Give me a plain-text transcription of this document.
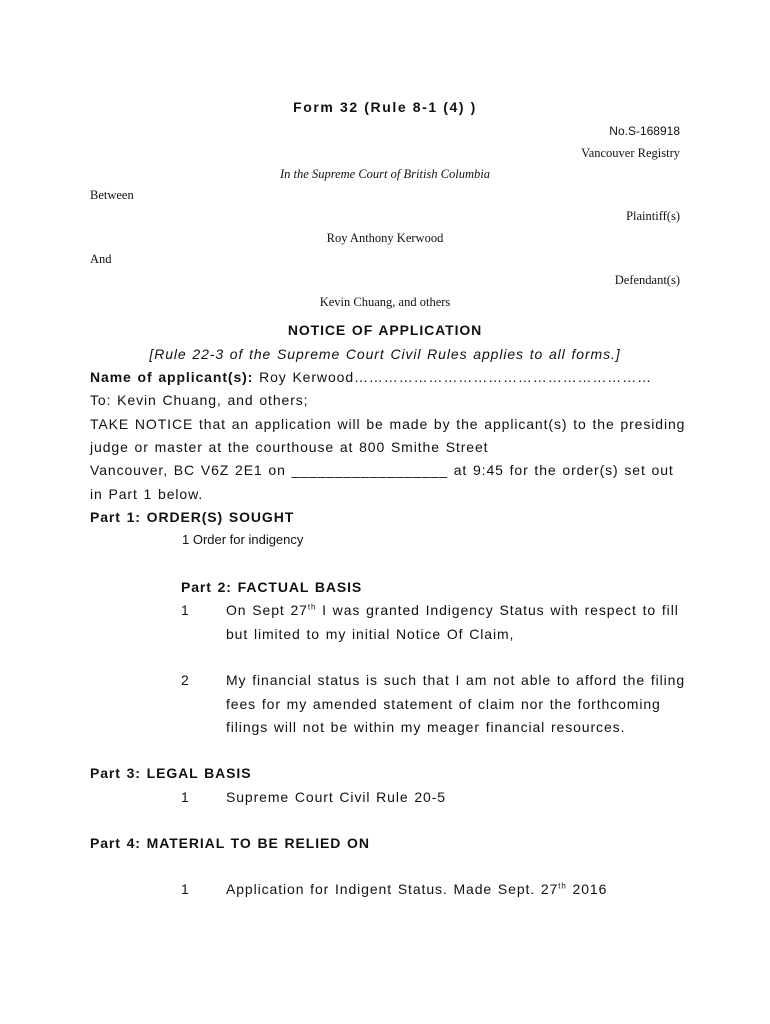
Form 32 (Rule 8-1 (4) )
No.S-168918
Vancouver Registry
In the Supreme Court of British Columbia
Between
Plaintiff(s)
Roy Anthony Kerwood
And
Defendant(s)
Kevin Chuang, and others
NOTICE OF APPLICATION
[Rule 22-3 of the Supreme Court Civil Rules applies to all forms.]
Name of applicant(s): Roy Kerwood……………………………………………………
To: Kevin Chuang, and others;
TAKE NOTICE that an application will be made by the applicant(s) to the presiding
judge or master at the courthouse at 800 Smithe Street
Vancouver, BC V6Z 2E1 on __________________ at 9:45 for the order(s) set out
in Part 1 below.
Part 1: ORDER(S) SOUGHT
1 Order for indigency
Part 2: FACTUAL BASIS
1	On Sept 27th I was granted Indigency Status with respect to fill
but limited to my initial Notice Of Claim,
2	My financial status is such that I am not able to afford the filing
fees for my amended statement of claim nor the forthcoming
filings will not be within my meager financial resources.
Part 3: LEGAL BASIS
1	Supreme Court Civil Rule 20-5
Part 4: MATERIAL TO BE RELIED ON
1	Application for Indigent Status. Made Sept. 27th 2016
